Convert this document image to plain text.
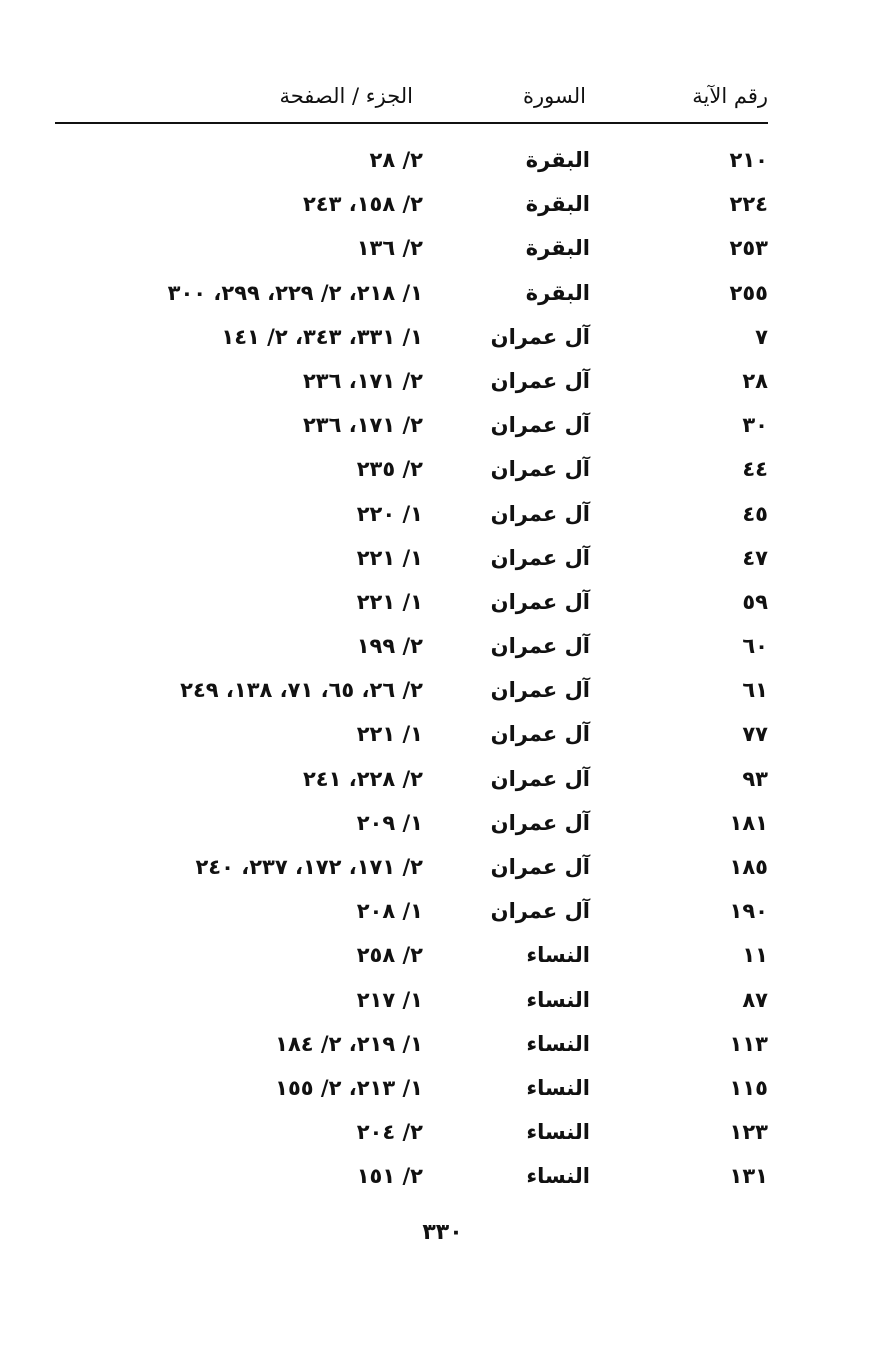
رقم الآية
السورة
الجزء / الصفحة
٢١٠
البقرة
٢/ ٢٨
٢٢٤
البقرة
٢/ ١٥٨، ٢٤٣
٢٥٣
البقرة
٢/ ١٣٦
٢٥٥
البقرة
١/ ٢١٨، ٢/ ٢٢٩، ٢٩٩، ٣٠٠
٧
آل عمران
١/ ٣٣١، ٣٤٣، ٢/ ١٤١
٢٨
آل عمران
٢/ ١٧١، ٢٣٦
٣٠
آل عمران
٢/ ١٧١، ٢٣٦
٤٤
آل عمران
٢/ ٢٣٥
٤٥
آل عمران
١/ ٢٢٠
٤٧
آل عمران
١/ ٢٢١
٥٩
آل عمران
١/ ٢٢١
٦٠
آل عمران
٢/ ١٩٩
٦١
آل عمران
٢/ ٢٦، ٦٥، ٧١، ١٣٨، ٢٤٩
٧٧
آل عمران
١/ ٢٢١
٩٣
آل عمران
٢/ ٢٢٨، ٢٤١
١٨١
آل عمران
١/ ٢٠٩
١٨٥
آل عمران
٢/ ١٧١، ١٧٢، ٢٣٧، ٢٤٠
١٩٠
آل عمران
١/ ٢٠٨
١١
النساء
٢/ ٢٥٨
٨٧
النساء
١/ ٢١٧
١١٣
النساء
١/ ٢١٩، ٢/ ١٨٤
١١٥
النساء
١/ ٢١٣، ٢/ ١٥٥
١٢٣
النساء
٢/ ٢٠٤
١٣١
النساء
٢/ ١٥١
٣٣٠
